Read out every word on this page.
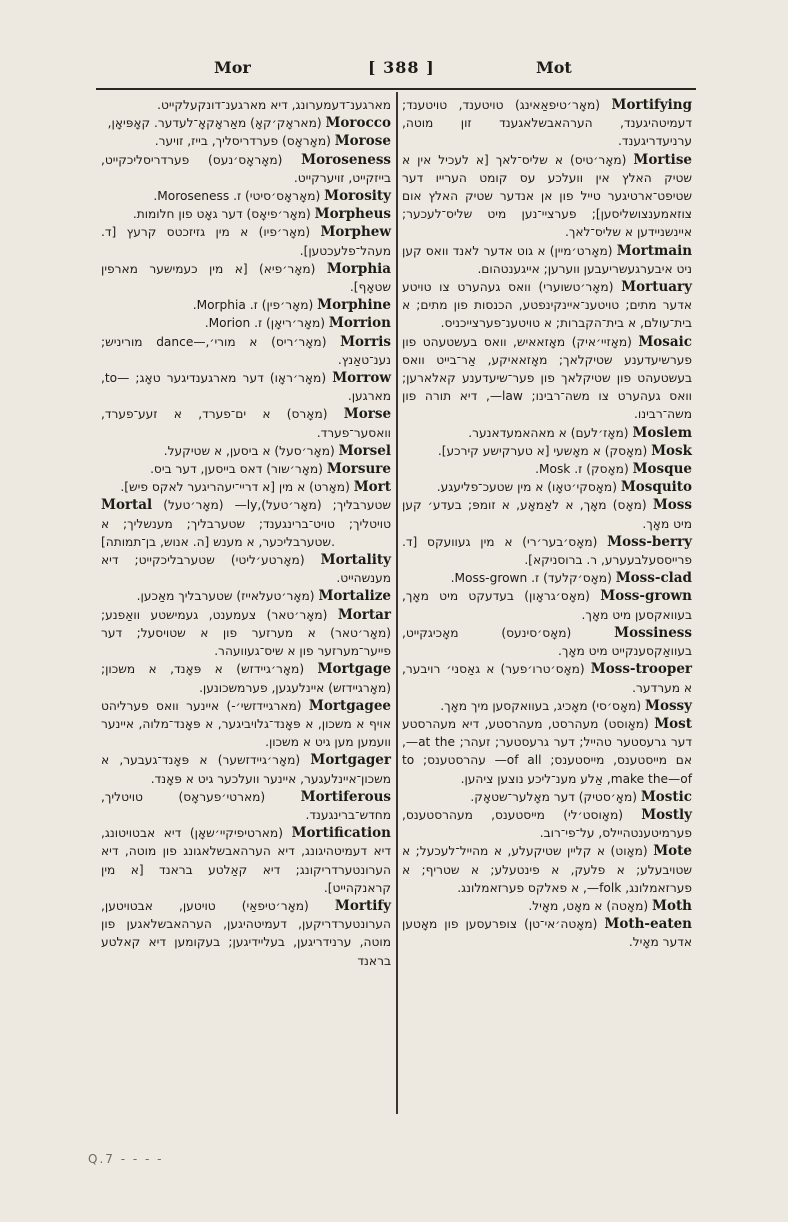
Mor	[ 388 ]	Mot

מארגענ־דעמערונג, דיא מארגענ־דונקעלקייט.

Morocco (מאראָק׳קאָ) מאַראָקאָ־לעדער. קאָפּיאָן,

Morose (מאָראָס) פערדריסליך, בייז, זויער.

Moroseness (מאָראָס׳נעס) פערדריסליכקייט, בייזקייט, זויערקייט.

Morosity (מאָראָס׳סיטי) ז. Moroseness.

Morpheus (מאָר׳פיאָס) דער גאָט פון חלומות.

Morphew (מאָר׳פיו) א מין גזיזכטס קרעץ [ד. מעהל־פלעכטען].

Morphia (מאָר׳פיא) [א מין כעמישער מארפין שטאָף].

Morphine (מאָר׳פין) ז. Morphia.

Morrion (מאָר׳ריאָן) ז. Morion.

Morris (מאָר׳ריס) א מורי׳,—dance מוריניש; נענ־טאַנץ.

Morrow (מאָר׳ראָו) דער מארגענדיגער טאָג; —to, מארגען.

Morse (מאָרס) א ים־פערד, א זעע־פערד, וואסער־פערד.

Morsel (מאָר׳סעל) א ביסען, א שטיקעל.

Morsure (מאָר׳שור) דאס בייסען, דער ביס.

Mort (מאָרט) א מין [א דריי־יעהריגער לאקס פיש].

Mortal (מאָר׳טעל) —ly,(מאָר׳טעל) שטערבליך; טויטליך; טויט־ברינגענד; שטערבליך; מענשליך; א שטערבליכער, א מענש [ה. אנוש, בן־תמותה].

Mortality (מאָרטע׳ליטי) שטערבליכקייט; דיא מענשהייט.

Mortalize (מאָר׳טעלאייז) שטערבליך מאַכען.

Mortar (מאָר׳טאר) צעמענט, געמישטע וואַפנע;(מאָר׳טאר) א מערזער פון א שטויסעל; דער פייער־מערזער פון א שיס־געוועהר.

Mortgage (מאָר׳גיידזש) א פּאָנד, א משכון; (מאָרגיידזש) איינלעגען, פערמשכונען.

Mortgagee (מארגיידזשי׳-) איינער וואס פערליהט אויף א משכון, א פּאָנד־גלויביגער, א פּאָנד־מלוה, איינער וועמען מען גיט א משכון.

Mortgager (מאָר׳גיידזשער) א פּאָנד־געבער, א משכון־איינלעגער, איינער וועלכער גיט א פּאָנד.

Mortiferous (מארטי׳פעראָס) טויטליך, מחדש־ברינגענד.

Mortification (מארטיפיקיי׳שאָן) דיא אבטויטונג, דיא דעמיטהיגונג, דיא הערהאבשלאגונג פון מוטה, דיא הערונטערדריקונג; דיא קאַלטע בראנד [א מין קראנקהייט].

Mortify (מאָר׳טיפאַי) טויטען, אבטויטען, הערונטערדריקען, דעמיטהיגען, הערהאבשלאגען פון מוטה, ערנידריגען, בעליידיגען; בעקומען דיא קאלטע בראנד

Mortifying (מאָר׳טיפאַאינג) טויטענד, טויטענד; דעמיטהיגענד, הערהאבשלאגענד זון מוטה, ערניעדריגענד.

Mortise (מאָר׳טיס) א שליס־לאך [א לעכיל אין א שטיק האלץ אין וועלכע עס קומט הערייו דער שטיפט־ארטיגער טייל פון אן אנדער שטיק האלץ אום צוזאמענצושליסען]; פערציי־נען מיט שליס־לעכער; איינשניידען א שליס־לאך.

Mortmain (מאָרט׳מיין) א גוט אדער לאנד וואס קען ניט איבערגעשריעבען ווערען; אייגענטהום.

Mortuary (מאָר׳טשוערי) וואס געהערט צו טויטע אדער מתים; טויטענ־איינקינפטע, הכנסות פון מתים; א בית־עולם, א בית־הקברות; א טויטענ־פערצייכניס.

Mosaic (מאָזיי׳איק) מאָזאאיש, וואס בעשטעהט פון פערשיעדענע שטיקלאך; מאָזאאיקע, אַר־בייט וואס בעשטעהט פון שטיקלאך פון פער־שיעדענע קאלארען; וואס געהערט צו משה־רבינו; law—, דיא תורה פון משה־רבינו.

Moslem (מאָז׳לעם) א מאהאמעדאנער.

Mosk (מאָסק) א מאָשעי [א טערקישע קירכע].

Mosque (מאָסק) ז. Mosk.

Mosquito (מאָסקי׳טאָו) א מין שטעכ־פליעגע.

Moss (מאָס) מאָך, א לאַמאָע, א זומפּ; בעדע׳ קען מיט מאָך.

Moss-berry (מאָס׳בער׳רי) א מין געוועקס [ד. פרייססעלבעערע, ר. ברוסניקא].

Moss-clad (מאָס׳קלעד) ז. Moss-grown.

Moss-grown (מאָס׳גראָון) בעדעקט מיט מאָך, בעוואקסען מיט מאָך.

Mossiness (מאָס׳סינעס) מאָכיגקייט, בעוואַקסענקייט מיט מאָך.

Moss-trooper (מאָס׳טרו׳פער) א גאַסני׳ רויבער, א מערדער.

Mossy (מאָס׳סי) מאָכיג, בעוואקסען מיך מאָך.

Most (מאָוסט) מעהרסט, מעהרסטע, דיא מעהרסטע דער גרעסטער טהייל; דער גרעסטער; זעהר; at the—, אם מייסטענס, מייסטענס; of all— עהרסטענס; to make the—of, אַלע מענ־ליכע נוצען ציהען.

Mostic (מאָ׳סטיק) דער מאָלער־שטאָק.

Mostly (מאָוסט׳לי) מייסטענס, מעהרסטענס, פערמיטענטהיילס, על־פי־רוב.

Mote (מאָוט) א קליין שטיקעלע, א מהייל־לעכעל; א שטויבעלע; א פלעק, א פינטעלע; א שטריף; א פערזאמלונג, folk—, א פאלקס פערזאמלונג.

Moth (מאָטה) א מאָט, מאָיל.

Moth-eaten (מאָטה׳אי־טן) צופרעסען פון מאָטען אדער מאָיל.

Q.7 - - - -
